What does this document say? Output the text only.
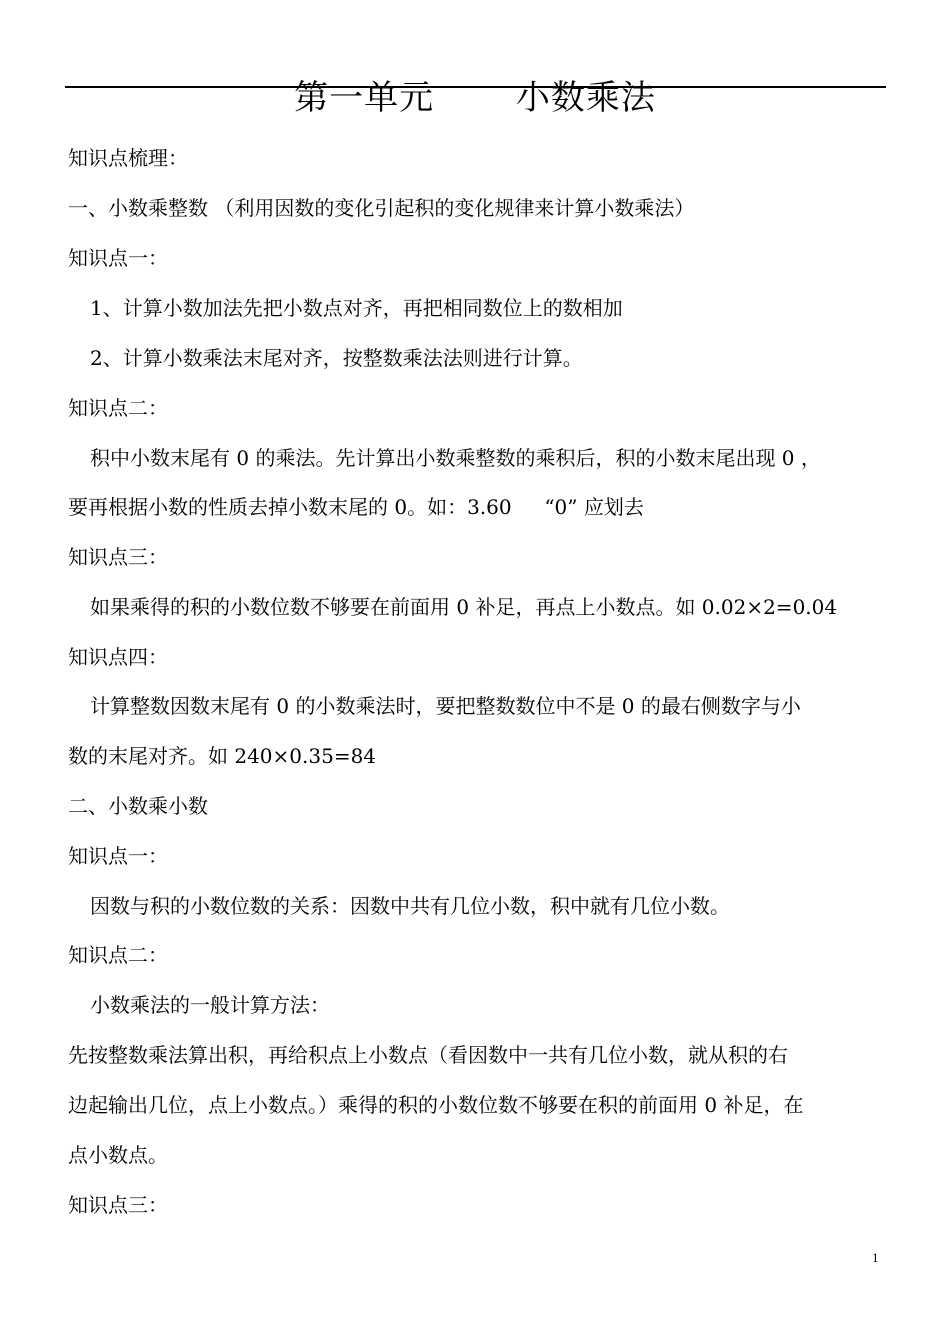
第一单元　　 小数乘法
知识点梳理：
一、小数乘整数 （利用因数的变化引起积的变化规律来计算小数乘法）
知识点一：
1、计算小数加法先把小数点对齐，再把相同数位上的数相加
2、计算小数乘法末尾对齐，按整数乘法法则进行计算。
知识点二：
积中小数末尾有 0 的乘法。先计算出小数乘整数的乘积后，积的小数末尾出现 0 ，
要再根据小数的性质去掉小数末尾的 0。如：3.60 　 “0” 应划去
知识点三：
如果乘得的积的小数位数不够要在前面用 0 补足，再点上小数点。如 0.02×2=0.04
知识点四：
计算整数因数末尾有 0 的小数乘法时，要把整数数位中不是 0 的最右侧数字与小
数的末尾对齐。如 240×0.35=84
二、小数乘小数
知识点一：
因数与积的小数位数的关系：因数中共有几位小数，积中就有几位小数。
知识点二：
小数乘法的一般计算方法：
先按整数乘法算出积，再给积点上小数点（看因数中一共有几位小数，就从积的右
边起输出几位，点上小数点。）乘得的积的小数位数不够要在积的前面用 0 补足，在
点小数点。
知识点三：
1
